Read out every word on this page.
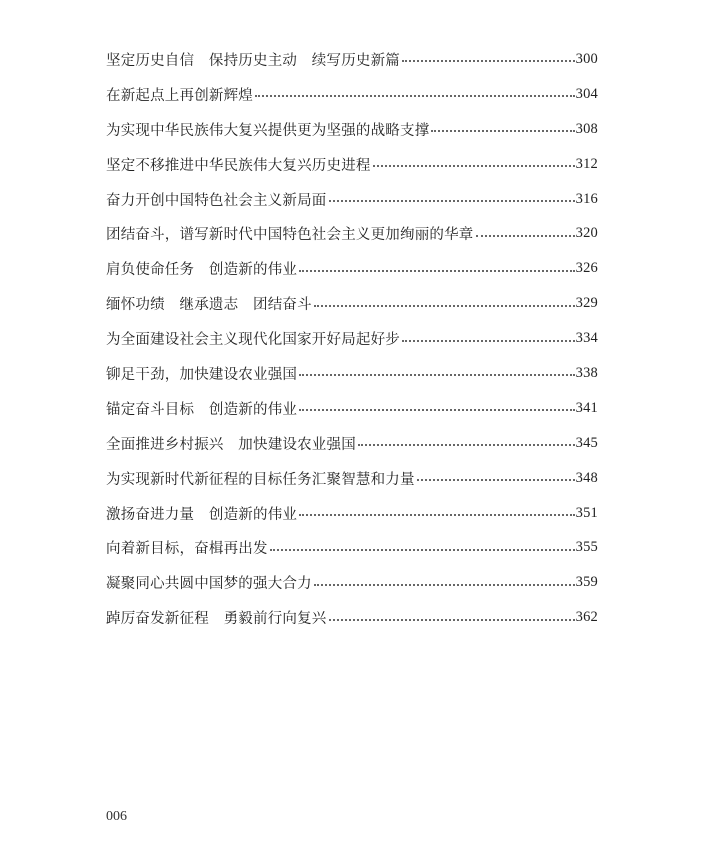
坚定历史自信　保持历史主动　续写历史新篇	300
在新起点上再创新辉煌	304
为实现中华民族伟大复兴提供更为坚强的战略支撑	308
坚定不移推进中华民族伟大复兴历史进程	312
奋力开创中国特色社会主义新局面	316
团结奋斗，谱写新时代中国特色社会主义更加绚丽的华章	320
肩负使命任务　创造新的伟业	326
缅怀功绩　继承遗志　团结奋斗	329
为全面建设社会主义现代化国家开好局起好步	334
铆足干劲，加快建设农业强国	338
锚定奋斗目标　创造新的伟业	341
全面推进乡村振兴　加快建设农业强国	345
为实现新时代新征程的目标任务汇聚智慧和力量	348
激扬奋进力量　创造新的伟业	351
向着新目标，奋楫再出发	355
凝聚同心共圆中国梦的强大合力	359
踔厉奋发新征程　勇毅前行向复兴	362
006
